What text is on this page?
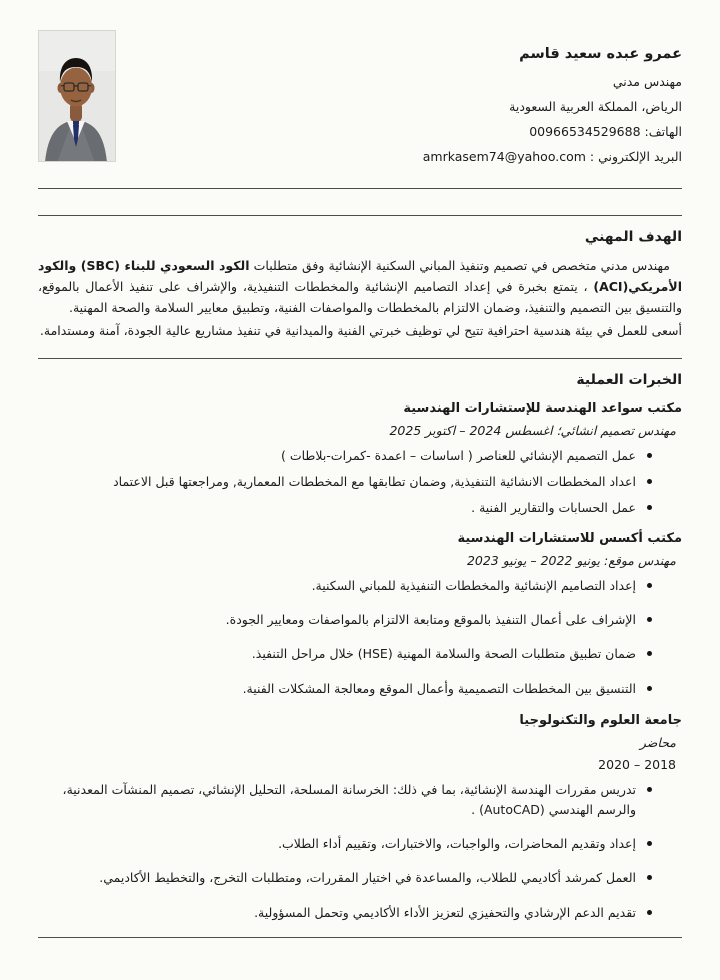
عمرو عبده سعيد قاسم
مهندس مدني
الرياض، المملكة العربية السعودية
الهاتف: 00966534529688
البريد الإلكتروني : amrkasem74@yahoo.com
الهدف المهني

مهندس مدني متخصص في تصميم وتنفيذ المباني السكنية الإنشائية وفق متطلبات الكود السعودي للبناء (SBC) والكود الأمريكي(ACI) ، يتمتع بخبرة في إعداد التصاميم الإنشائية والمخططات التنفيذية، والإشراف على تنفيذ الأعمال بالموقع، والتنسيق بين التصميم والتنفيذ، وضمان الالتزام بالمخططات والمواصفات الفنية، وتطبيق معايير السلامة والصحة المهنية.

أسعى للعمل في بيئة هندسية احترافية تتيح لي توظيف خبرتي الفنية والميدانية في تنفيذ مشاريع عالية الجودة، آمنة ومستدامة.

الخبرات العملية
مكتب سواعد الهندسة للإستشارات الهندسية
مهندس تصميم انشائي؛ اغسطس 2024 – اكتوبر 2025
عمل التصميم الإنشائي للعناصر ( اساسات – اعمدة -كمرات-بلاطات )
اعداد المخططات الانشائية التنفيذية, وضمان تطابقها مع المخططات المعمارية, ومراجعتها قبل الاعتماد
عمل الحسابات والتقارير الفنية .
مكتب أكسس للاستشارات الهندسية
مهندس موقع: يونيو 2022 – يونيو 2023
إعداد التصاميم الإنشائية والمخططات التنفيذية للمباني السكنية.
الإشراف على أعمال التنفيذ بالموقع ومتابعة الالتزام بالمواصفات ومعايير الجودة.
ضمان تطبيق متطلبات الصحة والسلامة المهنية (HSE) خلال مراحل التنفيذ.
التنسيق بين المخططات التصميمية وأعمال الموقع ومعالجة المشكلات الفنية.
جامعة العلوم والتكنولوجيا
محاضر
2018 – 2020
تدريس مقررات الهندسة الإنشائية، بما في ذلك: الخرسانة المسلحة، التحليل الإنشائي، تصميم المنشآت المعدنية، والرسم الهندسي (AutoCAD) .
إعداد وتقديم المحاضرات، والواجبات، والاختبارات، وتقييم أداء الطلاب.
العمل كمرشد أكاديمي للطلاب، والمساعدة في اختيار المقررات، ومتطلبات التخرج، والتخطيط الأكاديمي.
تقديم الدعم الإرشادي والتحفيزي لتعزيز الأداء الأكاديمي وتحمل المسؤولية.
